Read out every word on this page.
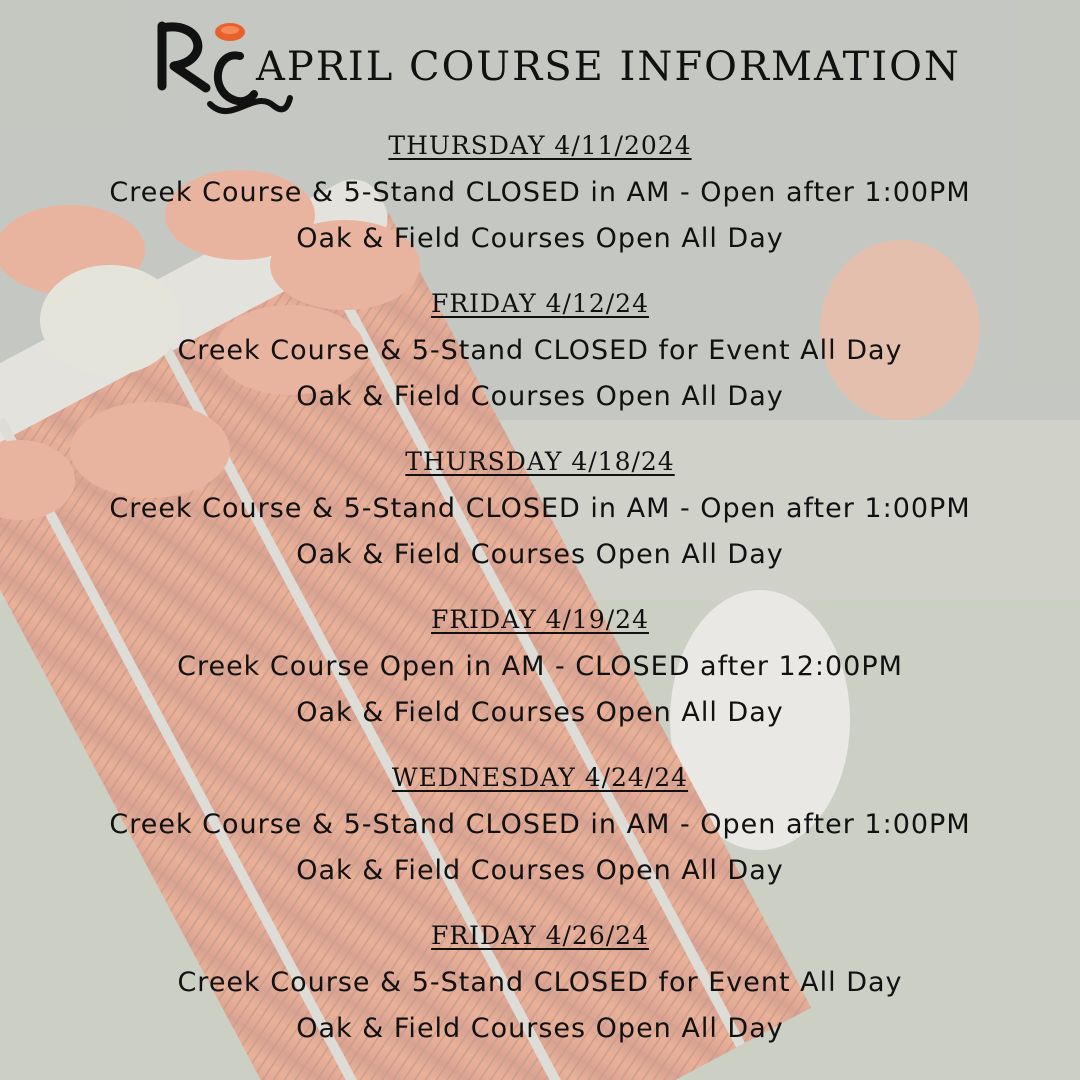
APRIL COURSE INFORMATION
THURSDAY 4/11/2024
Creek Course & 5-Stand CLOSED in AM - Open after 1:00PM
Oak & Field Courses Open All Day
FRIDAY 4/12/24
Creek Course & 5-Stand CLOSED for Event All Day
Oak & Field Courses Open All Day
THURSDAY 4/18/24
Creek Course & 5-Stand CLOSED in AM - Open after 1:00PM
Oak & Field Courses Open All Day
FRIDAY 4/19/24
Creek Course Open in AM - CLOSED after 12:00PM
Oak & Field Courses Open All Day
WEDNESDAY 4/24/24
Creek Course & 5-Stand CLOSED in AM - Open after 1:00PM
Oak & Field Courses Open All Day
FRIDAY 4/26/24
Creek Course & 5-Stand CLOSED for Event All Day
Oak & Field Courses Open All Day
